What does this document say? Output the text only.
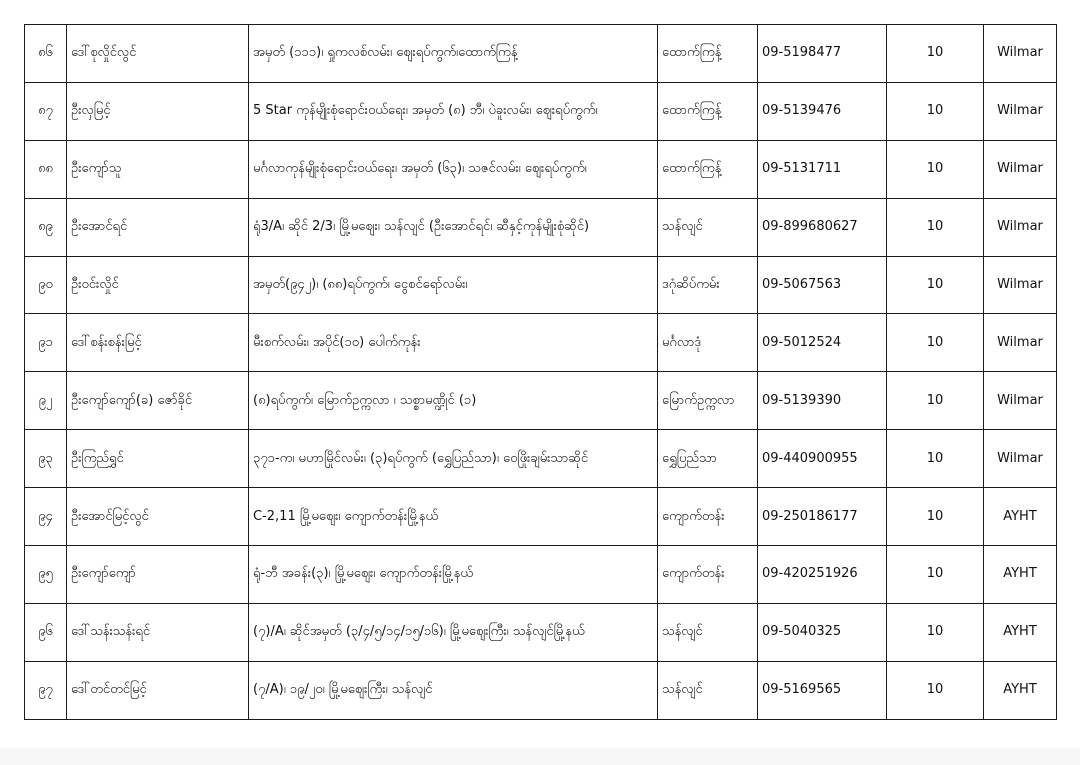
၈၆	ဒေါ်စုလှိုင်လွင်	အမှတ် (၁၁၁)၊ ရှုကလစ်လမ်း၊ ဈေးရပ်ကွက်၊ထောက်ကြန့်	ထောက်ကြန့်	09-5198477	10	Wilmar
၈၇	ဦးလှမြင့်	5 Star ကုန်မျိုးစုံရောင်းဝယ်ရေး၊ အမှတ် (၈) ဘီ၊ ပဲခူးလမ်း၊ ဈေးရပ်ကွက်၊	ထောက်ကြန့်	09-5139476	10	Wilmar
၈၈	ဦးကျော်သူ	မင်္ဂလာကုန်မျိုးစုံရောင်းဝယ်ရေး၊ အမှတ် (၆၃)၊ သဇင်လမ်း၊ ဈေးရပ်ကွက်၊	ထောက်ကြန့်	09-5131711	10	Wilmar
၈၉	ဦးအောင်ရင်	ရုံ3/A၊ ဆိုင် 2/3၊ မြို့မဈေး၊ သန်လျင် (ဦးအောင်ရင်၊ ဆီနှင့်ကုန်မျိုးစုံဆိုင်)	သန်လျင်	09-899680627	10	Wilmar
၉၀	ဦးဝင်းလှိုင်	အမှတ်(၉၄၂)၊ (၈၈)ရပ်ကွက်၊ ငွေစင်ရော်လမ်း၊	ဒဂုံဆိပ်ကမ်း	09-5067563	10	Wilmar
၉၁	ဒေါ်စန်းစန်းမြင့်	မီးစက်လမ်း၊ အပိုင်(၁၀) ပေါက်ကုန်း	မင်္ဂလာဒုံ	09-5012524	10	Wilmar
၉၂	ဦးကျော်ကျော်(ခ) ဇော်ခိုင်	(၈)ရပ်ကွက်၊ မြောက်ဥက္ကလာ ၊ သစ္စာမဏ္ဍိုင် (၁)	မြောက်ဥက္ကလာ	09-5139390	10	Wilmar
၉၃	ဦးကြည်ရွှင်	၃၇၁-က၊ မဟာမြိုင်လမ်း၊ (၃)ရပ်ကွက် (ရွှေပြည်သာ)၊ ဝေဖြိုးချမ်းသာဆိုင်	ရွှေပြည်သာ	09-440900955	10	Wilmar
၉၄	ဦးအောင်မြင့်လွင်	C-2,11 မြို့မဈေး၊ ကျောက်တန်းမြို့နယ်	ကျောက်တန်း	09-250186177	10	AYHT
၉၅	ဦးကျော်ကျော်	ရုံ-ဘီ အခန်း(၃)၊ မြို့မဈေး၊ ကျောက်တန်းမြို့နယ်	ကျောက်တန်း	09-420251926	10	AYHT
၉၆	ဒေါ်သန်းသန်းရင်	(၇)/A၊ ဆိုင်အမှတ် (၃/၄/၅/၁၄/၁၅/၁၆)၊ မြို့မဈေးကြီး၊ သန်လျင်မြို့နယ်	သန်လျင်	09-5040325	10	AYHT
၉၇	ဒေါ်တင်တင်မြင့်	(၇/A)၊ ၁၉/၂၀၊ မြို့မဈေးကြီး၊ သန်လျင်	သန်လျင်	09-5169565	10	AYHT
